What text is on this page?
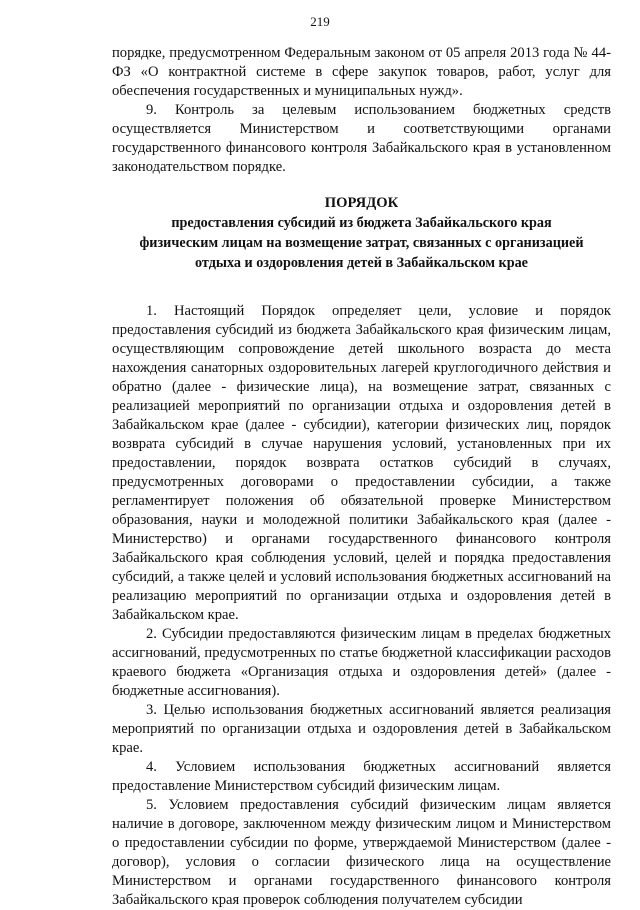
219

порядке, предусмотренном Федеральным законом от 05 апреля 2013 года № 44-ФЗ «О контрактной системе в сфере закупок товаров, работ, услуг для обеспечения государственных и муниципальных нужд».

9. Контроль за целевым использованием бюджетных средств осуществляется Министерством и соответствующими органами государственного финансового контроля Забайкальского края в установленном законодательством порядке.

ПОРЯДОК
предоставления субсидий из бюджета Забайкальского края
физическим лицам на возмещение затрат, связанных с организацией
отдыха и оздоровления детей в Забайкальском крае

1. Настоящий Порядок определяет цели, условие и порядок предоставления субсидий из бюджета Забайкальского края физическим лицам, осуществляющим сопровождение детей школьного возраста до места нахождения санаторных оздоровительных лагерей круглогодичного действия и обратно (далее - физические лица), на возмещение затрат, связанных с реализацией мероприятий по организации отдыха и оздоровления детей в Забайкальском крае (далее - субсидии), категории физических лиц, порядок возврата субсидий в случае нарушения условий, установленных при их предоставлении, порядок возврата остатков субсидий в случаях, предусмотренных договорами о предоставлении субсидии, а также регламентирует положения об обязательной проверке Министерством образования, науки и молодежной политики Забайкальского края (далее - Министерство) и органами государственного финансового контроля Забайкальского края соблюдения условий, целей и порядка предоставления субсидий, а также целей и условий использования бюджетных ассигнований на реализацию мероприятий по организации отдыха и оздоровления детей в Забайкальском крае.

2. Субсидии предоставляются физическим лицам в пределах бюджетных ассигнований, предусмотренных по статье бюджетной классификации расходов краевого бюджета «Организация отдыха и оздоровления детей» (далее - бюджетные ассигнования).

3. Целью использования бюджетных ассигнований является реализация мероприятий по организации отдыха и оздоровления детей в Забайкальском крае.

4. Условием использования бюджетных ассигнований является предоставление Министерством субсидий физическим лицам.

5. Условием предоставления субсидий физическим лицам является наличие в договоре, заключенном между физическим лицом и Министерством о предоставлении субсидии по форме, утверждаемой Министерством (далее - договор), условия о согласии физического лица на осуществление Министерством и органами государственного финансового контроля Забайкальского края проверок соблюдения получателем субсидии
